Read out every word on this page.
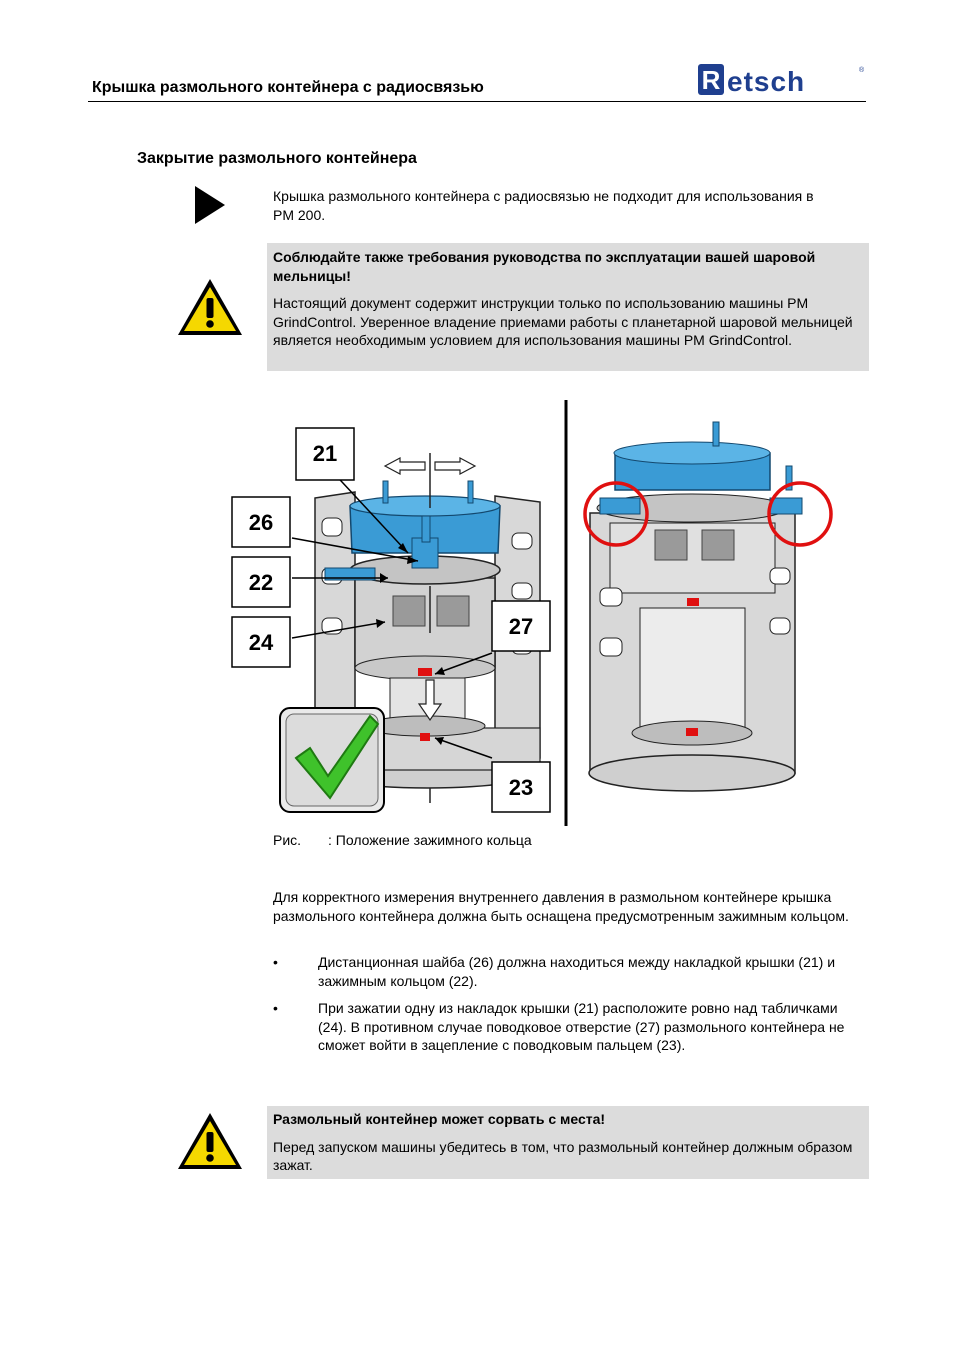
Крышка размольного контейнера с радиосвязью	R etsch	®
Закрытие размольного контейнера
Крышка размольного контейнера с радиосвязью не подходит для использования в PM 200.

Соблюдайте также требования руководства по эксплуатации вашей шаровой мельницы!

Настоящий документ содержит инструкции только по использованию машины PM GrindControl. Уверенное владение приемами работы с планетарной шаровой мельницей является необходимым условием для использования машины PM GrindControl.

21
26
22
24
27
23
Рис. : Положение зажимного кольца
Для корректного измерения внутреннего давления в размольном контейнере крышка размольного контейнера должна быть оснащена предусмотренным зажимным кольцом.
•	Дистанционная шайба (26) должна находиться между накладкой крышки (21) и зажимным кольцом (22).
•	При зажатии одну из накладок крышки (21) расположите ровно над табличками (24). В противном случае поводковое отверстие (27) размольного контейнера не сможет войти в зацепление с поводковым пальцем (23).

Размольный контейнер может сорвать с места!

Перед запуском машины убедитесь в том, что размольный контейнер должным образом зажат.
